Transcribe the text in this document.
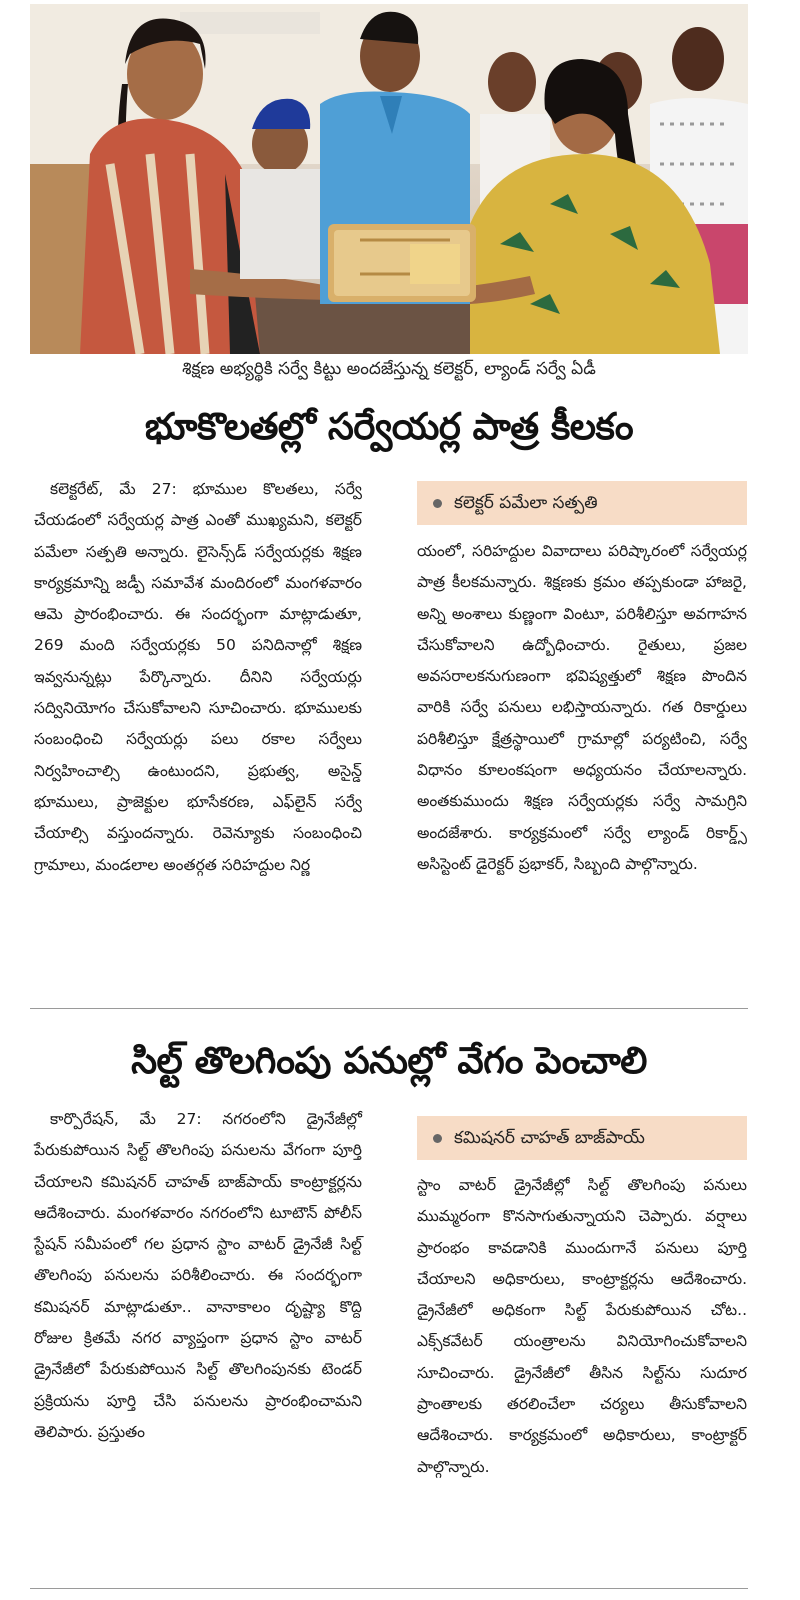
శిక్షణ అభ్యర్థికి సర్వే కిట్టు అందజేస్తున్న కలెక్టర్, ల్యాండ్ సర్వే ఏడీ
భూకొలతల్లో సర్వేయర్ల పాత్ర కీలకం

కలెక్టరేట్, మే 27: భూముల కొలతలు, సర్వే చేయడంలో సర్వేయర్ల పాత్ర ఎంతో ముఖ్యమని, కలెక్టర్ పమేలా సత్పతి అన్నారు. లైసెన్స్‌డ్ సర్వేయర్లకు శిక్షణ కార్యక్రమాన్ని జడ్పీ సమావేశ మందిరంలో మంగళవారం ఆమె ప్రారంభించారు. ఈ సందర్భంగా మాట్లాడుతూ, 269 మంది సర్వేయర్లకు 50 పనిదినాల్లో శిక్షణ ఇవ్వనున్నట్లు పేర్కొన్నారు. దీనిని సర్వేయర్లు సద్వినియోగం చేసుకోవాలని సూచించారు. భూములకు సంబంధించి సర్వేయర్లు పలు రకాల సర్వేలు నిర్వహించాల్సి ఉంటుందని, ప్రభుత్వ, అసైన్డ్ భూములు, ప్రాజెక్టుల భూసేకరణ, ఎఫ్‌లైన్ సర్వే చేయాల్సి వస్తుందన్నారు. రెవెన్యూకు సంబంధించి గ్రామాలు, మండలాల అంతర్గత సరిహద్దుల నిర్ణ

కలెక్టర్ పమేలా సత్పతి

యంలో, సరిహద్దుల వివాదాలు పరిష్కారంలో సర్వేయర్ల పాత్ర కీలకమన్నారు. శిక్షణకు క్రమం తప్పకుండా హాజరై, అన్ని అంశాలు కుణ్ణంగా వింటూ, పరిశీలిస్తూ అవగాహన చేసుకోవాలని ఉద్బోధించారు. రైతులు, ప్రజల అవసరాలకనుగుణంగా భవిష్యత్తులో శిక్షణ పొందిన వారికి సర్వే పనులు లభిస్తాయన్నారు. గత రికార్డులు పరిశీలిస్తూ క్షేత్రస్థాయిలో గ్రామాల్లో పర్యటించి, సర్వే విధానం కూలంకషంగా అధ్యయనం చేయాలన్నారు. అంతకుముందు శిక్షణ సర్వేయర్లకు సర్వే సామగ్రిని అందజేశారు. కార్యక్రమంలో సర్వే ల్యాండ్ రికార్డ్స్ అసిస్టెంట్ డైరెక్టర్ ప్రభాకర్, సిబ్బంది పాల్గొన్నారు.

సిల్ట్ తొలగింపు పనుల్లో వేగం పెంచాలి

కార్పొరేషన్, మే 27: నగరంలోని డ్రైనేజీల్లో పేరుకుపోయిన సిల్ట్ తొలగింపు పనులను వేగంగా పూర్తి చేయాలని కమిషనర్ చాహత్ బాజ్‌పాయ్ కాంట్రాక్టర్లను ఆదేశించారు. మంగళవారం నగరంలోని టూటౌన్ పోలీస్ స్టేషన్ సమీపంలో గల ప్రధాన స్టాం వాటర్ డ్రైనేజీ సిల్ట్ తొలగింపు పనులను పరిశీలించారు. ఈ సందర్భంగా కమిషనర్ మాట్లాడుతూ.. వానాకాలం దృష్ట్యా కొద్ది రోజుల క్రితమే నగర వ్యాప్తంగా ప్రధాన స్టాం వాటర్ డ్రైనేజీలో పేరుకుపోయిన సిల్ట్ తొలగింపునకు టెండర్ ప్రక్రియను పూర్తి చేసి పనులను ప్రారంభించామని తెలిపారు. ప్రస్తుతం

కమిషనర్ చాహత్ బాజ్‌పాయ్

స్టాం వాటర్ డ్రైనేజీల్లో సిల్ట్ తొలగింపు పనులు ముమ్మరంగా కొనసాగుతున్నాయని చెప్పారు. వర్షాలు ప్రారంభం కావడానికి ముందుగానే పనులు పూర్తి చేయాలని అధికారులు, కాంట్రాక్టర్లను ఆదేశించారు. డ్రైనేజీలో అధికంగా సిల్ట్ పేరుకుపోయిన చోట.. ఎక్స్‌కవేటర్ యంత్రాలను వినియోగించుకోవాలని సూచించారు. డ్రైనేజీలో తీసిన సిల్ట్‌ను సుదూర ప్రాంతాలకు తరలించేలా చర్యలు తీసుకోవాలని ఆదేశించారు. కార్యక్రమంలో అధికారులు, కాంట్రాక్టర్ పాల్గొన్నారు.
